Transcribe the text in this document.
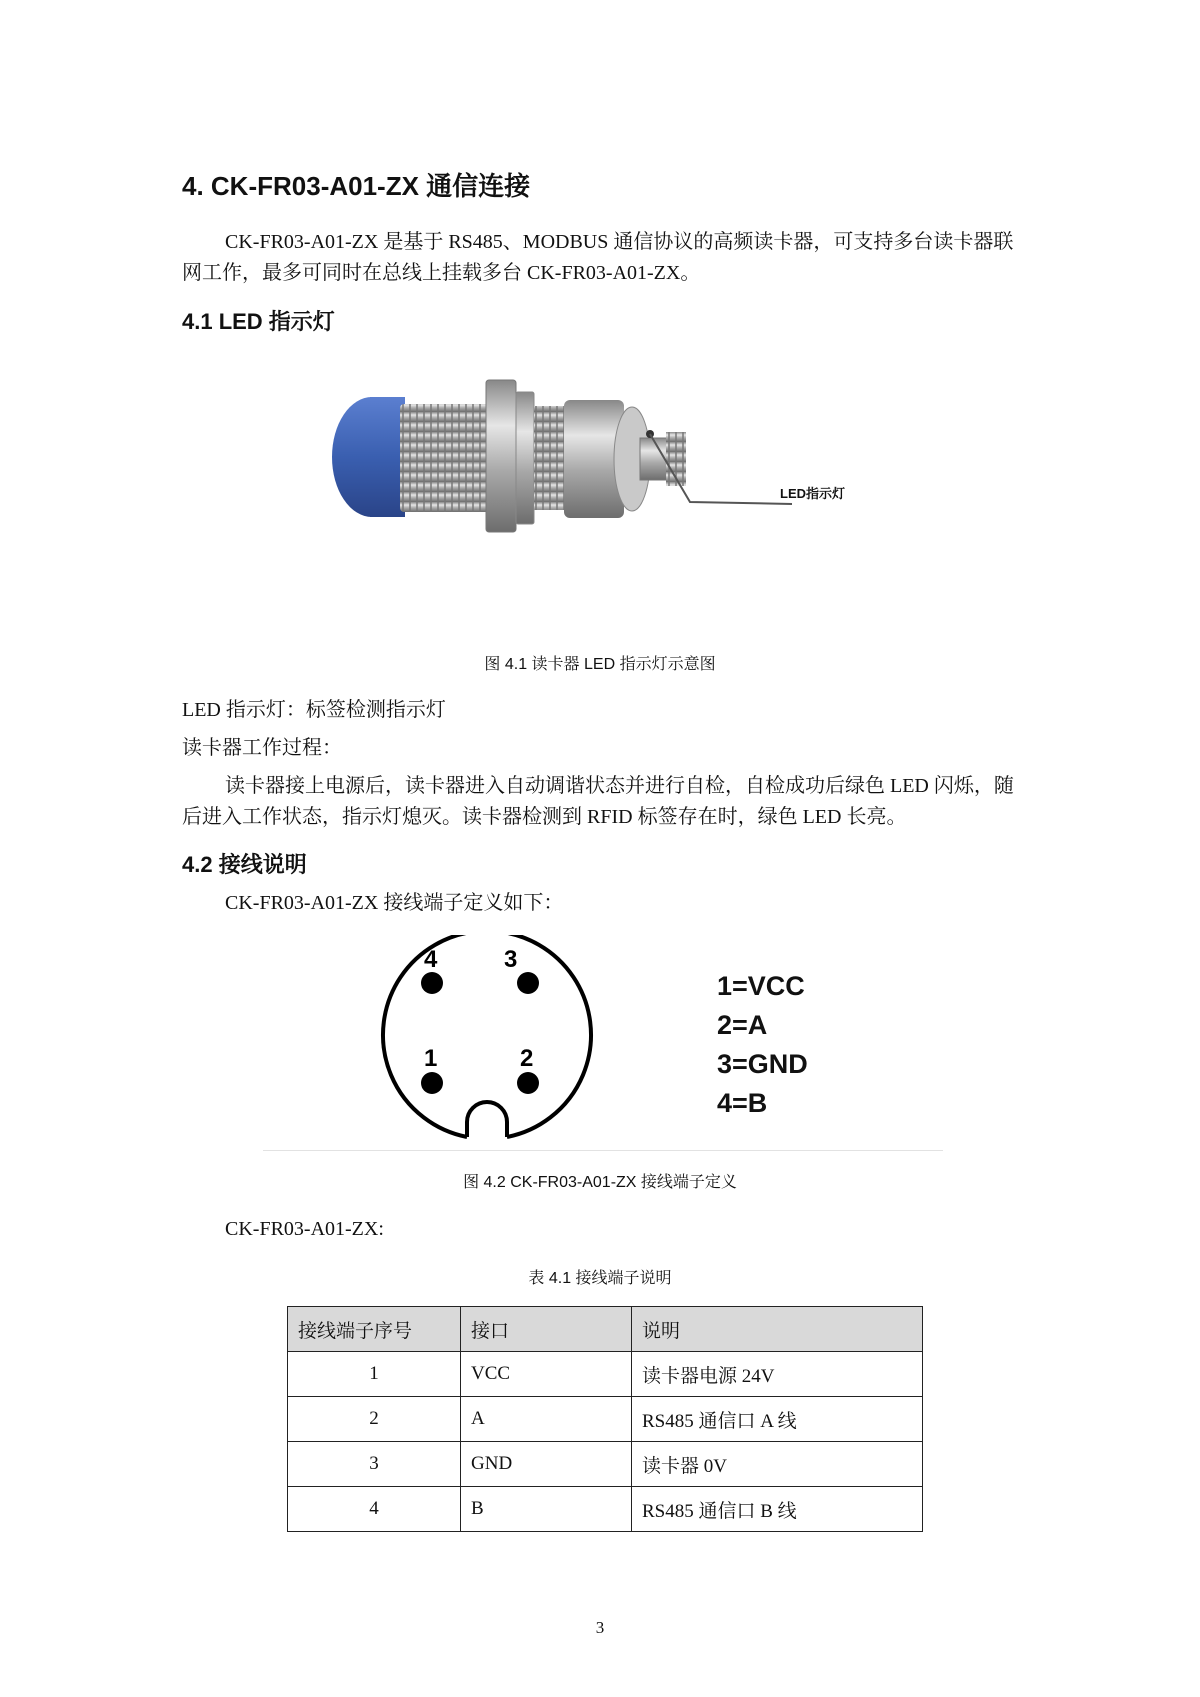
4. CK-FR03-A01-ZX 通信连接

CK-FR03-A01-ZX 是基于 RS485、MODBUS 通信协议的高频读卡器，可支持多台读卡器联网工作，最多可同时在总线上挂载多台 CK-FR03-A01-ZX。

4.1 LED 指示灯
LED指示灯
图 4.1 读卡器 LED 指示灯示意图

LED 指示灯：标签检测指示灯

读卡器工作过程：

读卡器接上电源后，读卡器进入自动调谐状态并进行自检，自检成功后绿色 LED 闪烁，随后进入工作状态，指示灯熄灭。读卡器检测到 RFID 标签存在时，绿色 LED 长亮。

4.2 接线说明

CK-FR03-A01-ZX 接线端子定义如下：

4	3
1	2
1=VCC
2=A
3=GND
4=B
图 4.2 CK-FR03-A01-ZX 接线端子定义

CK-FR03-A01-ZX:

表 4.1 接线端子说明
接线端子序号	接口	说明
1	VCC	读卡器电源 24V
2	A	RS485 通信口 A 线
3	GND	读卡器 0V
4	B	RS485 通信口 B 线
3
